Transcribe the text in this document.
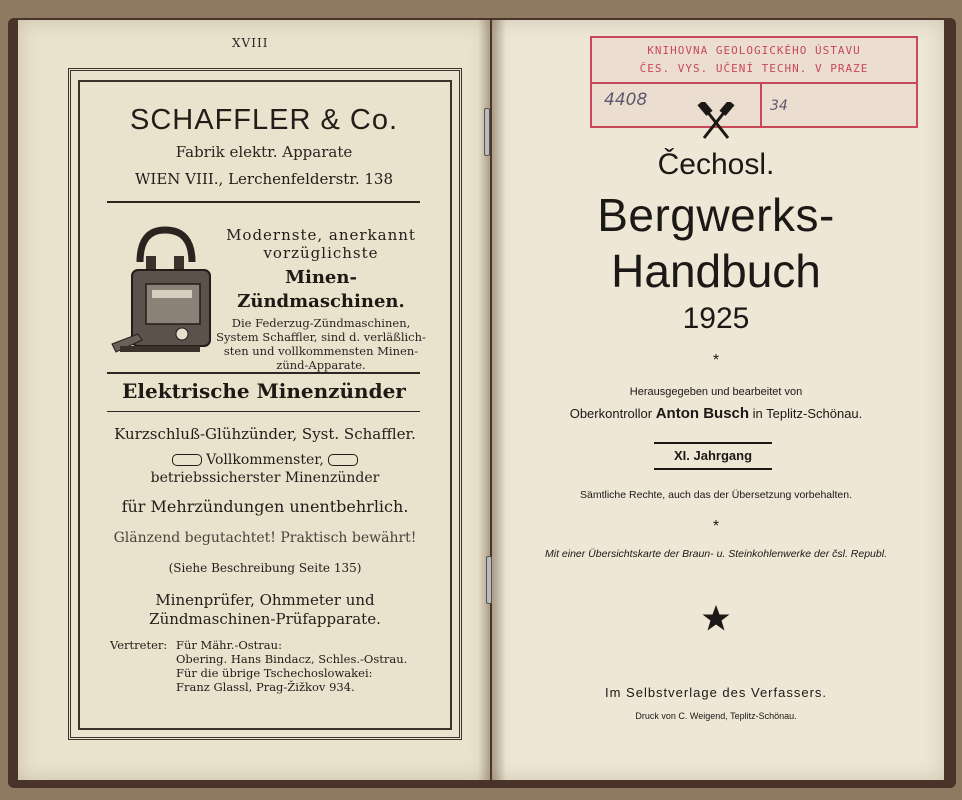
XVIII
SCHAFFLER & Co.
Fabrik elektr. Apparate
WIEN VIII., Lerchenfelderstr. 138
Modernste, anerkannt
vorzüglichste
Minen-
Zündmaschinen.
Die Federzug-Zündmaschinen,
System Schaffler, sind d. verläßlich-
sten und vollkommensten Minen-
zünd-Apparate.
Elektrische Minenzünder
Kurzschluß-Glühzünder, Syst. Schaffler.
Vollkommenster,
betriebssicherster Minenzünder
für Mehrzündungen unentbehrlich.
Glänzend begutachtet! Praktisch bewährt!
(Siehe Beschreibung Seite 135)
Minenprüfer, Ohmmeter und
Zündmaschinen-Prüfapparate.
Vertreter: Für Mähr.-Ostrau:
Obering. Hans Bindacz, Schles.-Ostrau.
Für die übrige Tschechoslowakei:
Franz Glassl, Prag-Žižkov 934.
KNIHOVNA GEOLOGICKÉHO ÚSTAVU
ČES. VYS. UČENÍ TECHN. V PRAZE
4408	34
Čechosl.
Bergwerks-
Handbuch
1925
*
Herausgegeben und bearbeitet von
Oberkontrollor Anton Busch in Teplitz-Schönau.
XI. Jahrgang
Sämtliche Rechte, auch das der Übersetzung vorbehalten.
*
Mit einer Übersichtskarte der Braun- u. Steinkohlenwerke der čsl. Republ.
Im Selbstverlage des Verfassers.
Druck von C. Weigend, Teplitz-Schönau.
